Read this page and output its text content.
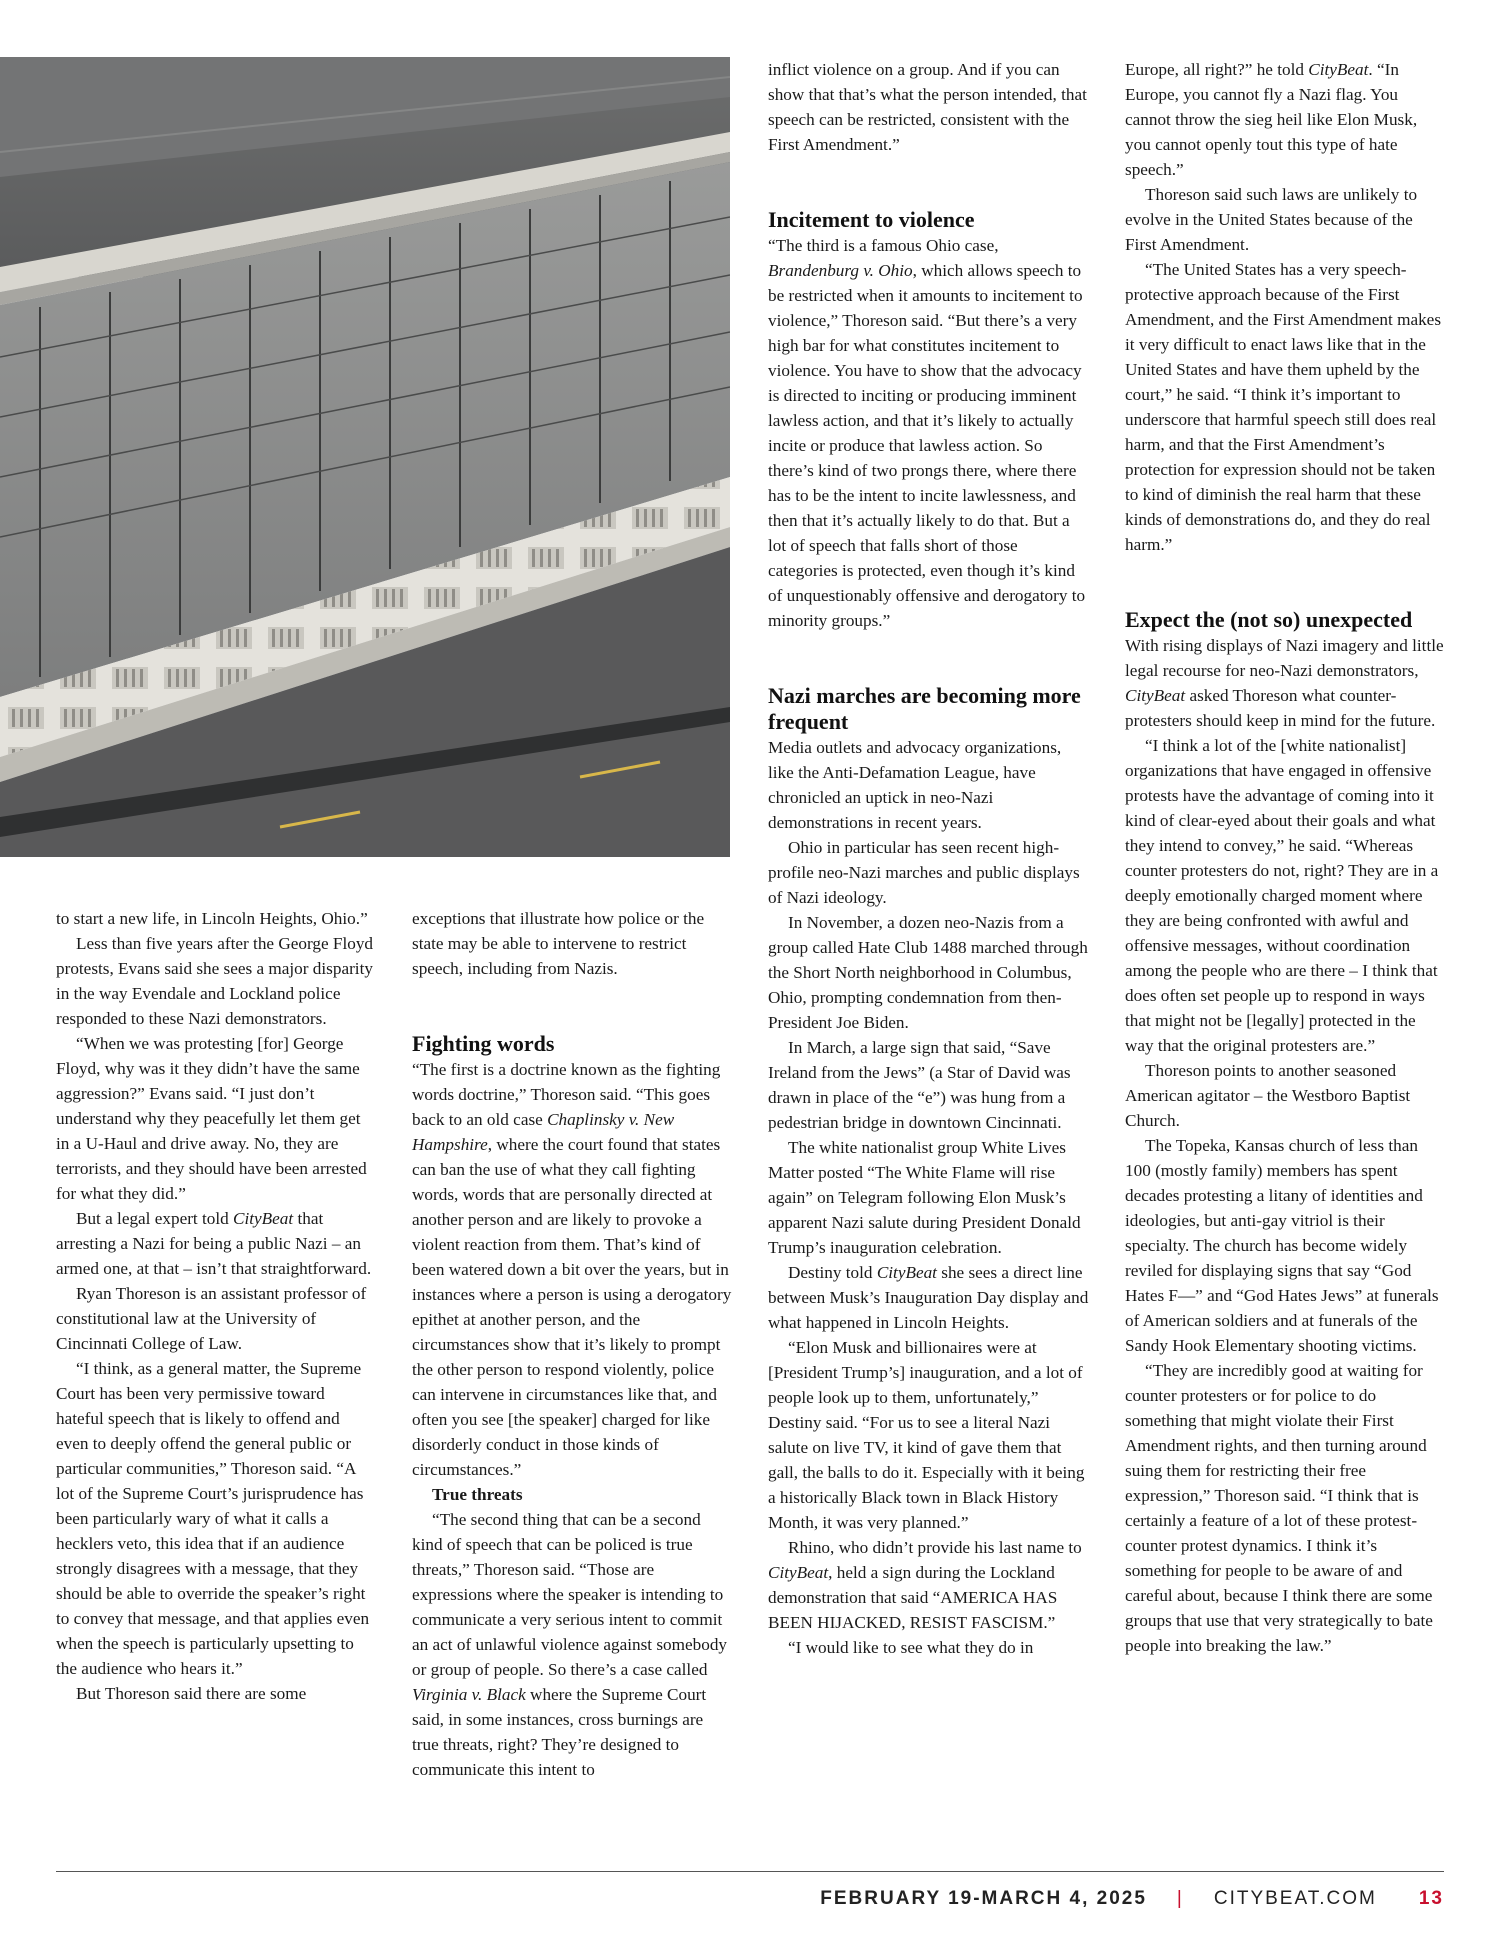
to start a new life, in Lincoln Heights, Ohio.”

Less than five years after the George Floyd protests, Evans said she sees a major disparity in the way Evendale and Lockland police responded to these Nazi demonstrators.

“When we was protesting [for] George Floyd, why was it they didn’t have the same aggression?” Evans said. “I just don’t understand why they peacefully let them get in a U-Haul and drive away. No, they are terrorists, and they should have been arrested for what they did.”

But a legal expert told CityBeat that arresting a Nazi for being a public Nazi – an armed one, at that – isn’t that straightforward.

Ryan Thoreson is an assistant professor of constitutional law at the University of Cincinnati College of Law.

“I think, as a general matter, the Supreme Court has been very permissive toward hateful speech that is likely to offend and even to deeply offend the general public or particular communities,” Thoreson said. “A lot of the Supreme Court’s jurisprudence has been particularly wary of what it calls a hecklers veto, this idea that if an audience strongly disagrees with a message, that they should be able to override the speaker’s right to convey that message, and that applies even when the speech is particularly upsetting to the audience who hears it.”

But Thoreson said there are some

exceptions that illustrate how police or the state may be able to intervene to restrict speech, including from Nazis.

Fighting words

“The first is a doctrine known as the fighting words doctrine,” Thoreson said. “This goes back to an old case Chaplinsky v. New Hampshire, where the court found that states can ban the use of what they call fighting words, words that are personally directed at another person and are likely to provoke a violent reaction from them. That’s kind of been watered down a bit over the years, but in instances where a person is using a derogatory epithet at another person, and the circumstances show that it’s likely to prompt the other person to respond violently, police can intervene in circumstances like that, and often you see [the speaker] charged for like disorderly conduct in those kinds of circumstances.”

True threats

“The second thing that can be a second kind of speech that can be policed is true threats,” Thoreson said. “Those are expressions where the speaker is intending to communicate a very serious intent to commit an act of unlawful violence against somebody or group of people. So there’s a case called Virginia v. Black where the Supreme Court said, in some instances, cross burnings are true threats, right? They’re designed to communicate this intent to

inflict violence on a group. And if you can show that that’s what the person intended, that speech can be restricted, consistent with the First Amendment.”

Incitement to violence

“The third is a famous Ohio case, Brandenburg v. Ohio, which allows speech to be restricted when it amounts to incitement to violence,” Thoreson said. “But there’s a very high bar for what constitutes incitement to violence. You have to show that the advocacy is directed to inciting or producing imminent lawless action, and that it’s likely to actually incite or produce that lawless action. So there’s kind of two prongs there, where there has to be the intent to incite lawlessness, and then that it’s actually likely to do that. But a lot of speech that falls short of those categories is protected, even though it’s kind of unquestionably offensive and derogatory to minority groups.”

Nazi marches are becoming more frequent

Media outlets and advocacy organizations, like the Anti-Defamation League, have chronicled an uptick in neo-Nazi demonstrations in recent years.

Ohio in particular has seen recent high-profile neo-Nazi marches and public displays of Nazi ideology.

In November, a dozen neo-Nazis from a group called Hate Club 1488 marched through the Short North neighborhood in Columbus, Ohio, prompting condemnation from then-President Joe Biden.

In March, a large sign that said, “Save Ireland from the Jews” (a Star of David was drawn in place of the “e”) was hung from a pedestrian bridge in downtown Cincinnati.

The white nationalist group White Lives Matter posted “The White Flame will rise again” on Telegram following Elon Musk’s apparent Nazi salute during President Donald Trump’s inauguration celebration.

Destiny told CityBeat she sees a direct line between Musk’s Inauguration Day display and what happened in Lincoln Heights.

“Elon Musk and billionaires were at [President Trump’s] inauguration, and a lot of people look up to them, unfortunately,” Destiny said. “For us to see a literal Nazi salute on live TV, it kind of gave them that gall, the balls to do it. Especially with it being a historically Black town in Black History Month, it was very planned.”

Rhino, who didn’t provide his last name to CityBeat, held a sign during the Lockland demonstration that said “AMERICA HAS BEEN HIJACKED, RESIST FASCISM.”

“I would like to see what they do in

Europe, all right?” he told CityBeat. “In Europe, you cannot fly a Nazi flag. You cannot throw the sieg heil like Elon Musk, you cannot openly tout this type of hate speech.”

Thoreson said such laws are unlikely to evolve in the United States because of the First Amendment.

“The United States has a very speech-protective approach because of the First Amendment, and the First Amendment makes it very difficult to enact laws like that in the United States and have them upheld by the court,” he said. “I think it’s important to underscore that harmful speech still does real harm, and that the First Amendment’s protection for expression should not be taken to kind of diminish the real harm that these kinds of demonstrations do, and they do real harm.”

Expect the (not so) unexpected

With rising displays of Nazi imagery and little legal recourse for neo-Nazi demonstrators, CityBeat asked Thoreson what counter-protesters should keep in mind for the future.

“I think a lot of the [white nationalist] organizations that have engaged in offensive protests have the advantage of coming into it kind of clear-eyed about their goals and what they intend to convey,” he said. “Whereas counter protesters do not, right? They are in a deeply emotionally charged moment where they are being confronted with awful and offensive messages, without coordination among the people who are there – I think that does often set people up to respond in ways that might not be [legally] protected in the way that the original protesters are.”

Thoreson points to another seasoned American agitator – the Westboro Baptist Church.

The Topeka, Kansas church of less than 100 (mostly family) members has spent decades protesting a litany of identities and ideologies, but anti-gay vitriol is their specialty. The church has become widely reviled for displaying signs that say “God Hates F—” and “God Hates Jews” at funerals of American soldiers and at funerals of the Sandy Hook Elementary shooting victims.

“They are incredibly good at waiting for counter protesters or for police to do something that might violate their First Amendment rights, and then turning around suing them for restricting their free expression,” Thoreson said. “I think that is certainly a feature of a lot of these protest-counter protest dynamics. I think it’s something for people to be aware of and careful about, because I think there are some groups that use that very strategically to bate people into breaking the law.”

FEBRUARY 19-MARCH 4, 2025 | CITYBEAT.COM 13
